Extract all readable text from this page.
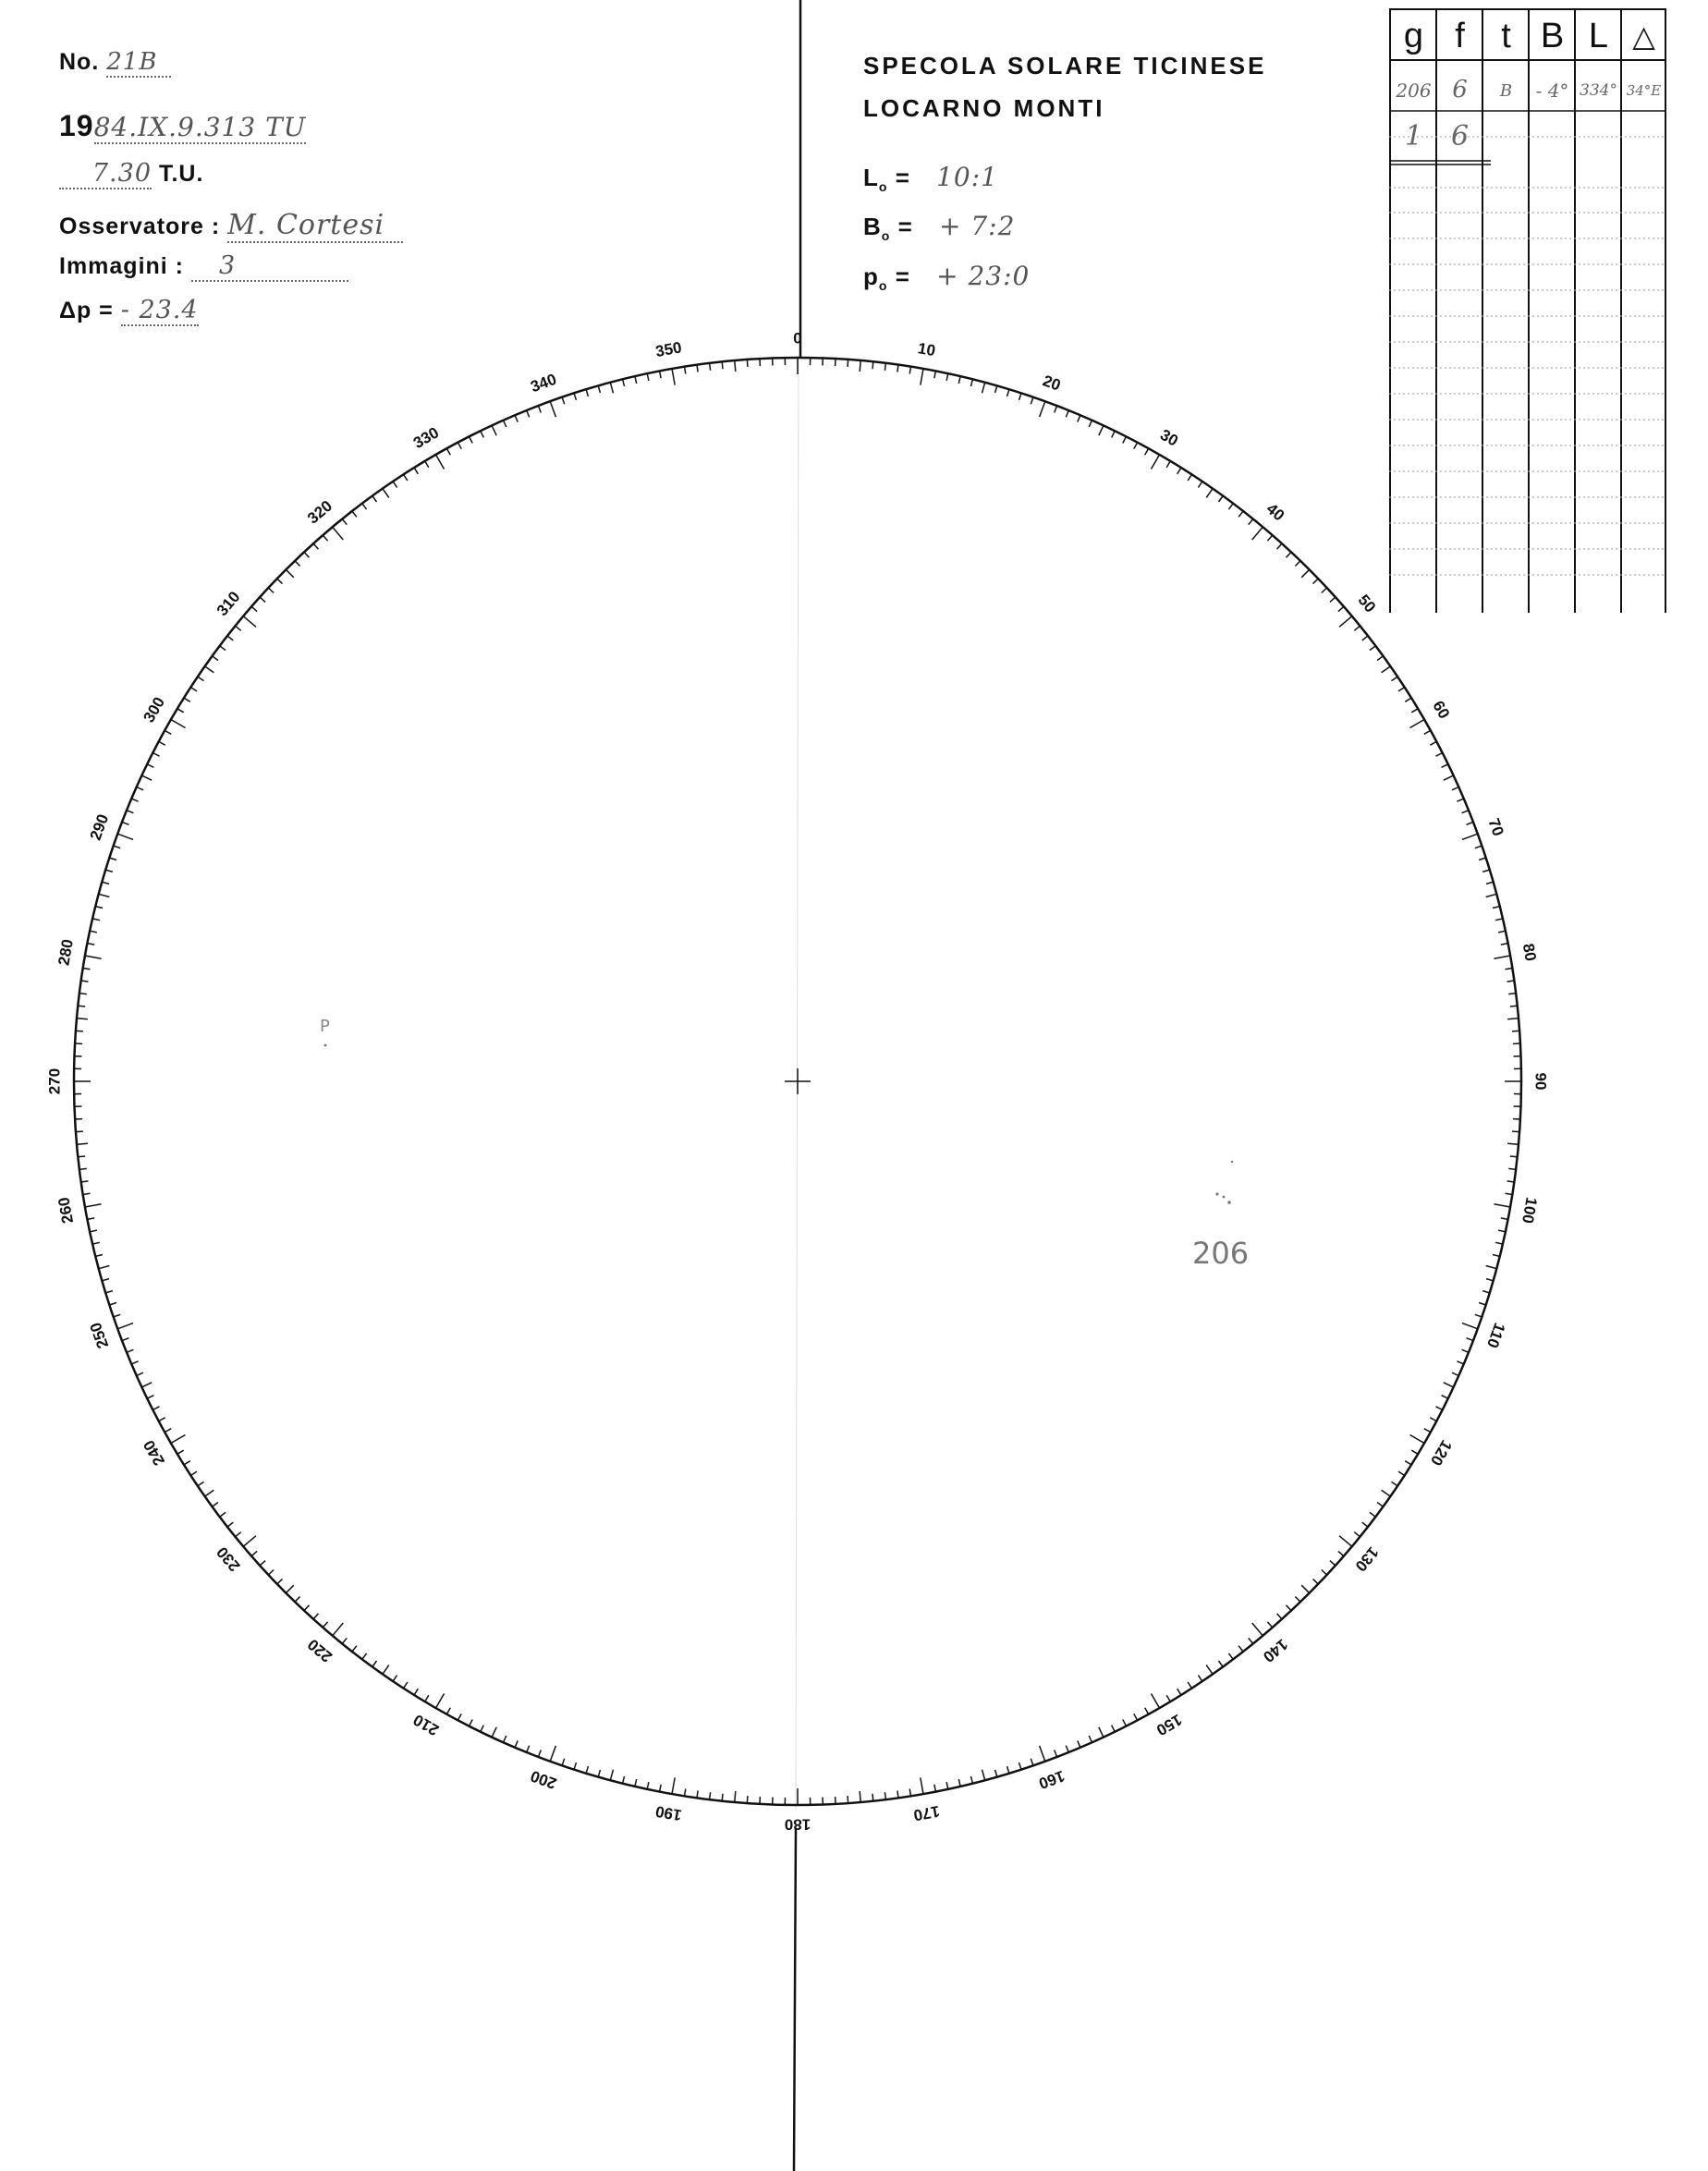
No. 21B
1984.IX.9.313 TU
7.30 T.U.
Osservatore : M. Cortesi
Immagini : 3
Δp = - 23.4
SPECOLA SOLARE TICINESE
LOCARNO MONTI
$L_o$ = 10:1
$B_o$ = + 7:2
$p_o$ = + 23:0
g f	t B L △
206 6	B	- 4° 334° 34°E
1	6
0
10
20
30
40
50
60
70
80
90
100
110
120
130
140
150
160
170
180
190
200
210
220
230
240
250
260
270
280
290
300
310
320
330
340
350
P
206
